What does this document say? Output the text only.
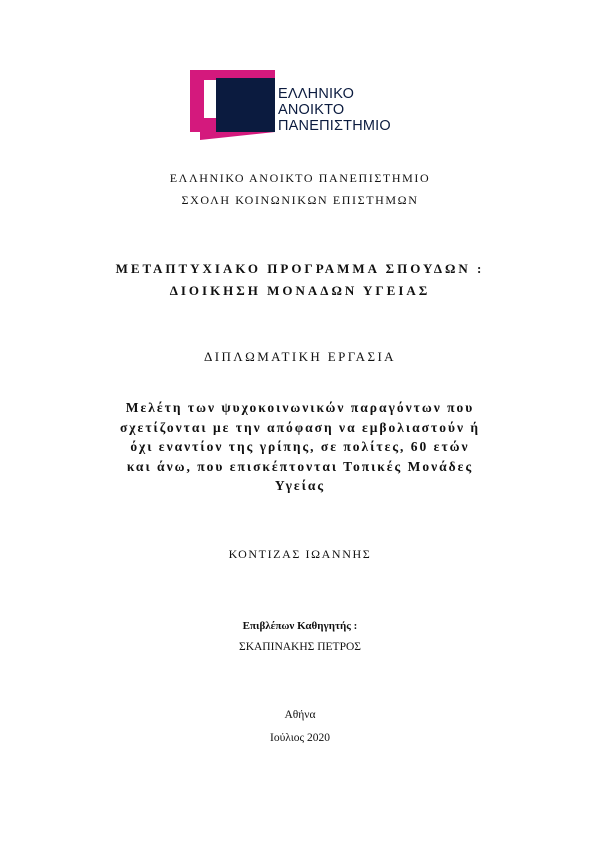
ΕΛΛΗΝΙΚΟ
ΑΝΟΙΚΤΟ
ΠΑΝΕΠΙΣΤΗΜΙΟ
ΕΛΛΗΝΙΚΟ ΑΝΟΙΚΤΟ ΠΑΝΕΠΙΣΤΗΜΙΟ
ΣΧΟΛΗ ΚΟΙΝΩΝΙΚΩΝ ΕΠΙΣΤΗΜΩΝ
ΜΕΤΑΠΤΥΧΙΑΚΟ ΠΡΟΓΡΑΜΜΑ ΣΠΟΥΔΩΝ :
ΔΙΟΙΚΗΣΗ ΜΟΝΑΔΩΝ ΥΓΕΙΑΣ
ΔΙΠΛΩΜΑΤΙΚΗ ΕΡΓΑΣΙΑ
Μελέτη των ψυχοκοινωνικών παραγόντων που
σχετίζονται με την απόφαση να εμβολιαστούν ή
όχι εναντίον της γρίπης, σε πολίτες, 60 ετών
και άνω, που επισκέπτονται Τοπικές Μονάδες
Υγείας
ΚΟΝΤΙΖΑΣ ΙΩΑΝΝΗΣ
Επιβλέπων Καθηγητής :
ΣΚΑΠΙΝΑΚΗΣ ΠΕΤΡΟΣ
Αθήνα
Ιούλιος 2020
